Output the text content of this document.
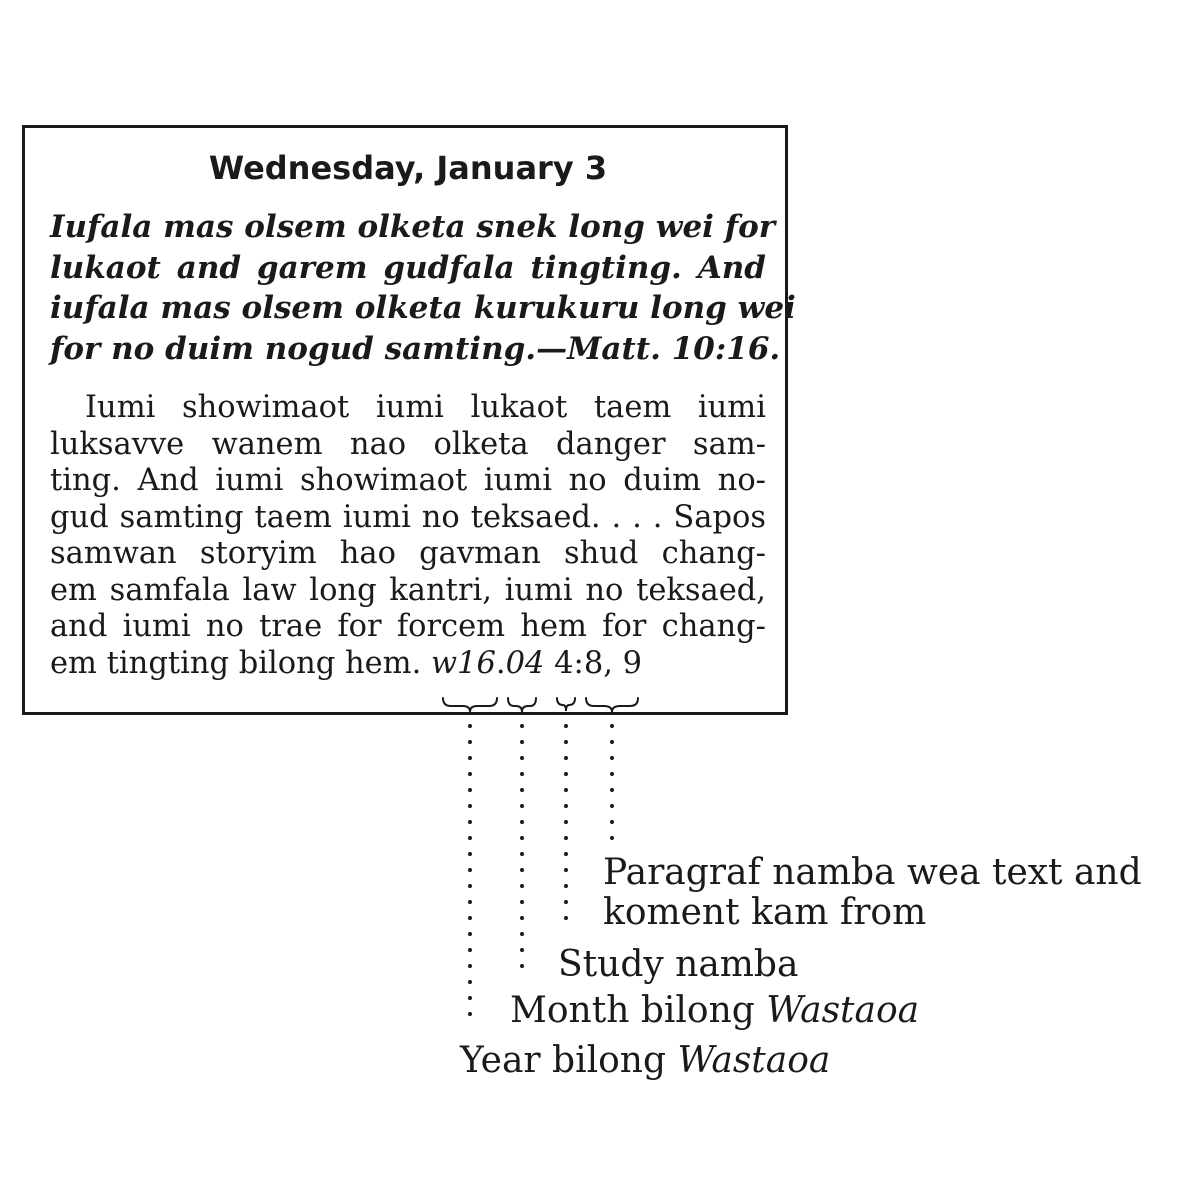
Wednesday, January 3
Iufala mas olsem olketa snek long wei for
lukaot and garem gudfala tingting. And
iufala mas olsem olketa kurukuru long wei
for no duim nogud samting.—Matt. 10:16.
Iumi showimaot iumi lukaot taem iumi
luksavve wanem nao olketa danger sam-
ting. And iumi showimaot iumi no duim no-
gud samting taem iumi no teksaed. . . . Sapos
samwan storyim hao gavman shud chang-
em samfala law long kantri, iumi no teksaed,
and iumi no trae for forcem hem for chang-
em tingting bilong hem. w16.04 4:8, 9
Paragraf namba wea text and
koment kam from
Study namba
Month bilong Wastaoa
Year bilong Wastaoa
